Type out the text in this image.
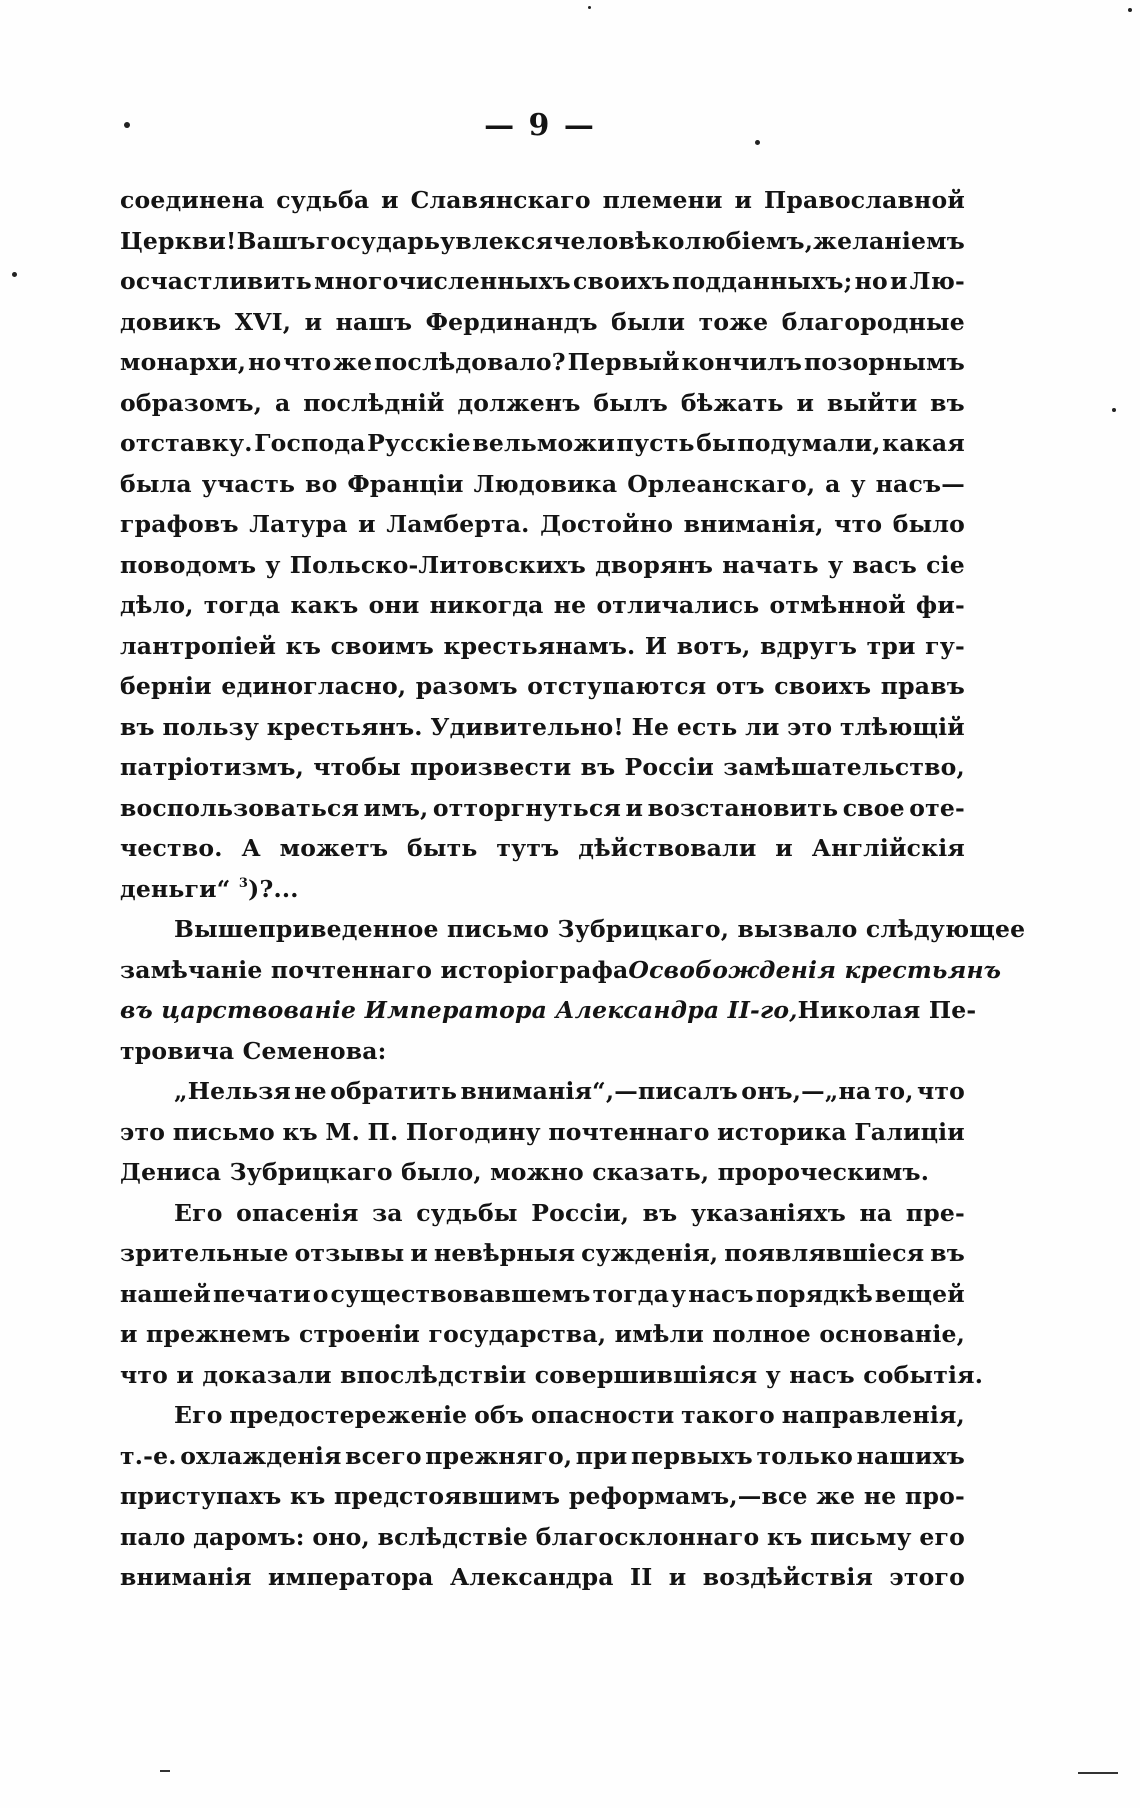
— 9 —
соединена судьба и Славянскаго племени и Православной
Церкви! Вашъ государь увлекся человѣколюбіемъ, желаніемъ
осчастливить многочисленныхъ своихъ подданныхъ; но и Лю-
довикъ XVI, и нашъ Фердинандъ были тоже благородные
монархи, но что же послѣдовало? Первый кончилъ позорнымъ
образомъ, а послѣдній долженъ былъ бѣжать и выйти въ
отставку. Господа Русскіе вельможи пусть бы подумали, какая
была участь во Франціи Людовика Орлеанскаго, а у насъ—
графовъ Латура и Ламберта. Достойно вниманія, что было
поводомъ у Польско-Литовскихъ дворянъ начать у васъ сіе
дѣло, тогда какъ они никогда не отличались отмѣнной фи-
лантропіей къ своимъ крестьянамъ. И вотъ, вдругъ три гу-
берніи единогласно, разомъ отступаются отъ своихъ правъ
въ пользу крестьянъ. Удивительно! Не есть ли это тлѣющій
патріотизмъ, чтобы произвести въ Россіи замѣшательство,
воспользоваться имъ, отторгнуться и возстановить свое оте-
чество. А можетъ быть тутъ дѣйствовали и Англійскія
деньги“ 3)?...
Вышеприведенное письмо Зубрицкаго, вызвало слѣдующее
замѣчаніе почтеннаго исторіографа Освобожденія крестьянъ
въ царствованіе Императора Александра II-го, Николая Пе-
тровича Семенова:
„Нельзя не обратить вниманія“,—писалъ онъ,—„на то, что
это письмо къ М. П. Погодину почтеннаго историка Галиціи
Дениса Зубрицкаго было, можно сказать, пророческимъ.
Его опасенія за судьбы Россіи, въ указаніяхъ на пре-
зрительные отзывы и невѣрныя сужденія, появлявшіеся въ
нашей печати о существовавшемъ тогда у насъ порядкѣ вещей
и прежнемъ строеніи государства, имѣли полное основаніе,
что и доказали впослѣдствіи совершившіяся у насъ событія.
Его предостереженіе объ опасности такого направленія,
т.-е. охлажденія всего прежняго, при первыхъ только нашихъ
приступахъ къ предстоявшимъ реформамъ,—все же не про-
пало даромъ: оно, вслѣдствіе благосклоннаго къ письму его
вниманія императора Александра II и воздѣйствія этого
